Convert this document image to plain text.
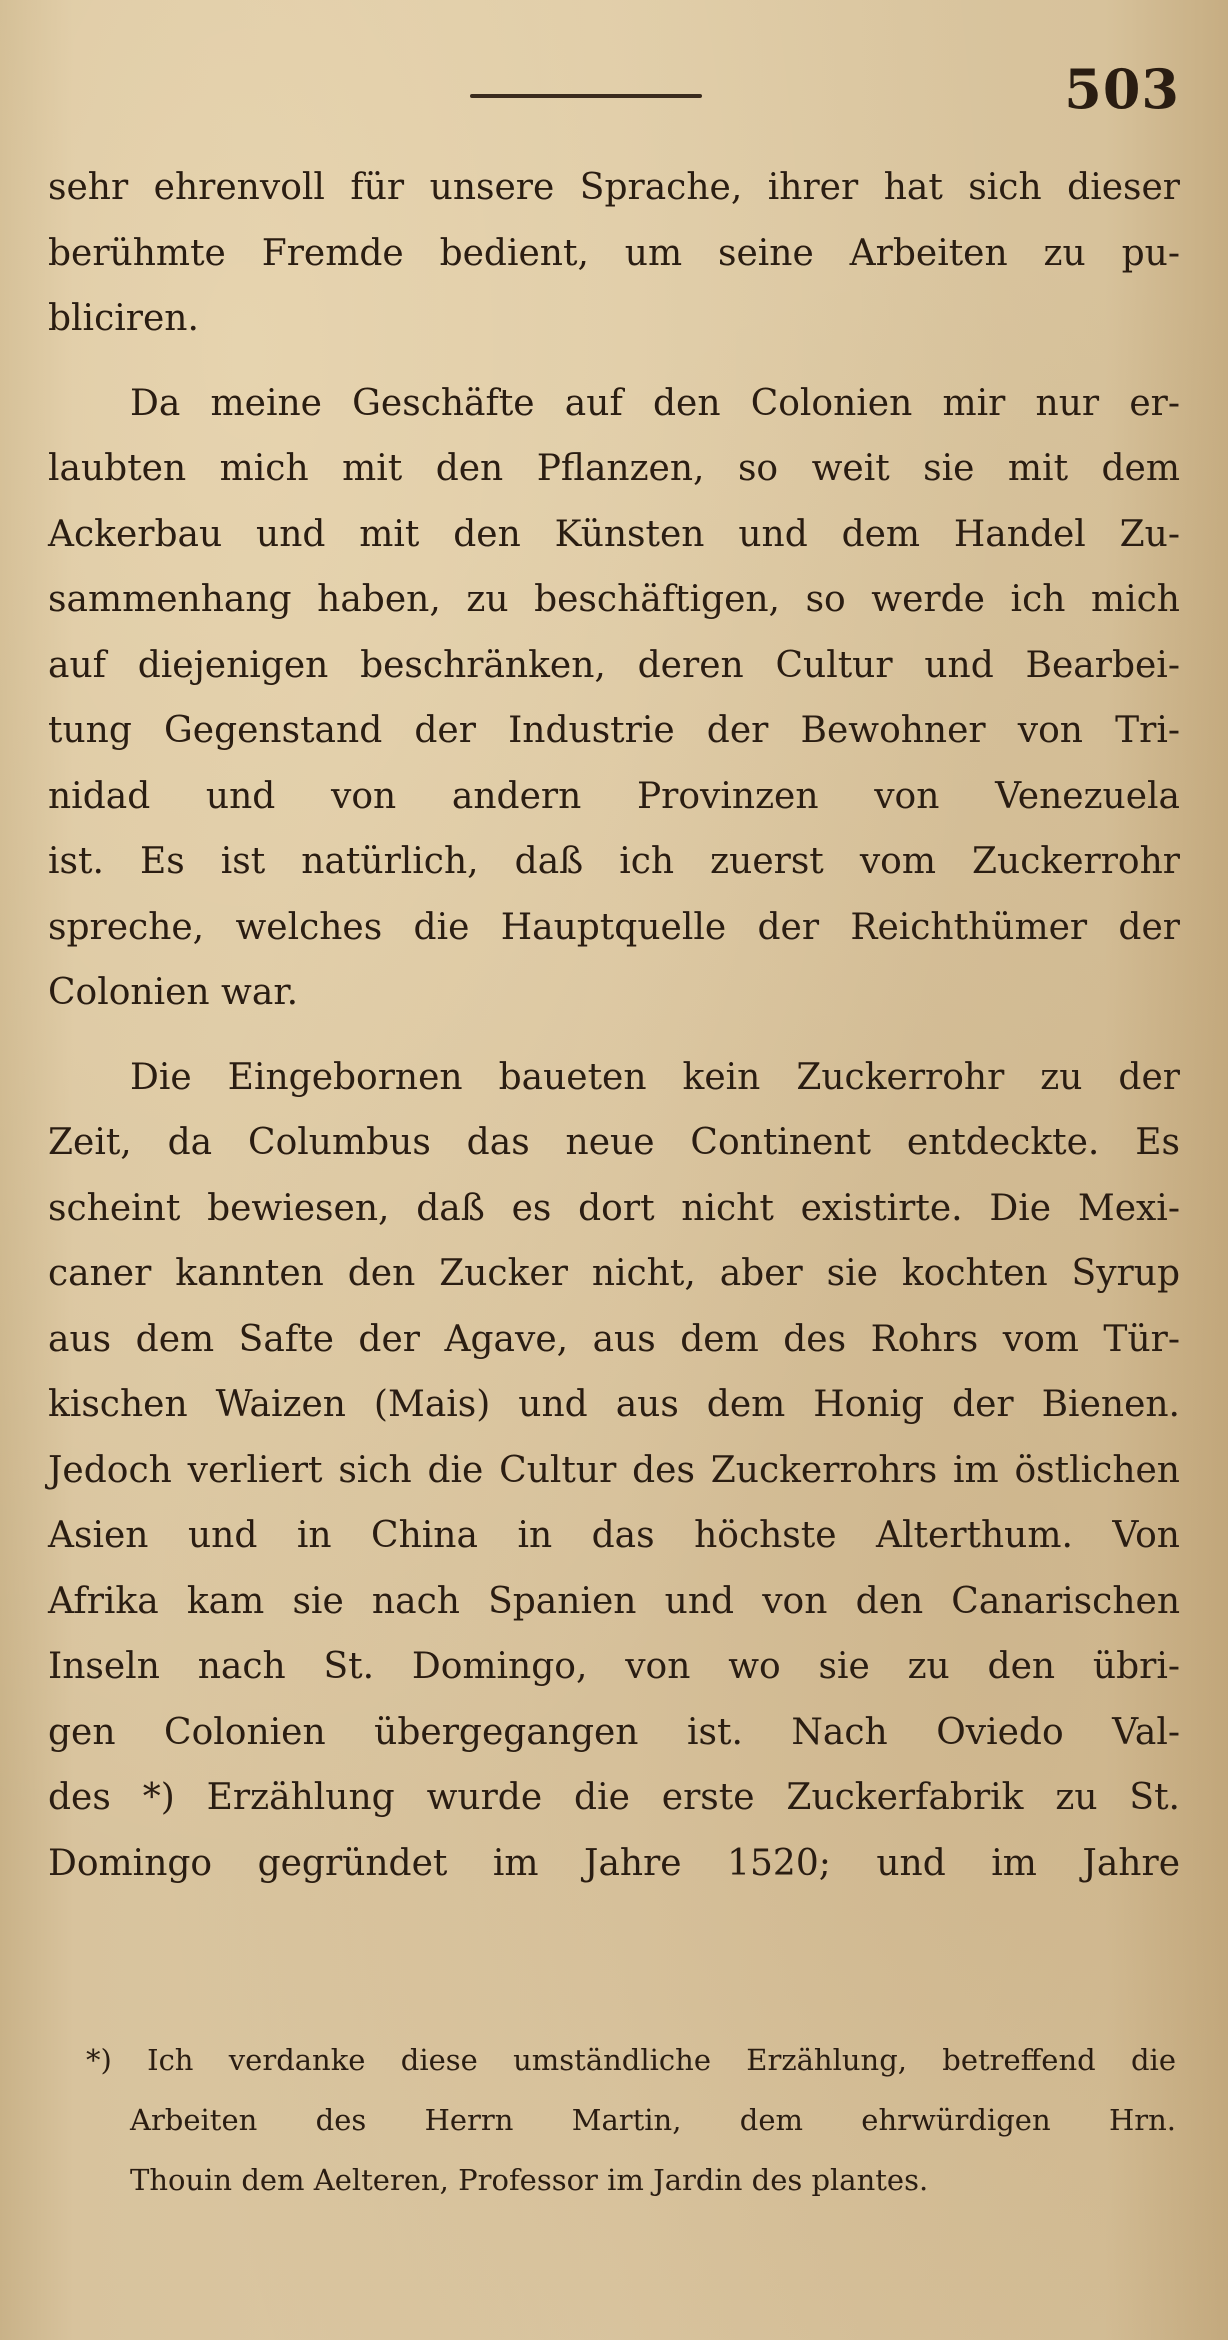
503
sehr ehrenvoll für unsere Sprache, ihrer hat sich dieser
berühmte Fremde bedient, um seine Arbeiten zu pu-
bliciren.
Da meine Geschäfte auf den Colonien mir nur er-
laubten mich mit den Pflanzen, so weit sie mit dem
Ackerbau und mit den Künsten und dem Handel Zu-
sammenhang haben, zu beschäftigen, so werde ich mich
auf diejenigen beschränken, deren Cultur und Bearbei-
tung Gegenstand der Industrie der Bewohner von Tri-
nidad und von andern Provinzen von Venezuela
ist. Es ist natürlich, daß ich zuerst vom Zuckerrohr
spreche, welches die Hauptquelle der Reichthümer der
Colonien war.
Die Eingebornen baueten kein Zuckerrohr zu der
Zeit, da Columbus das neue Continent entdeckte. Es
scheint bewiesen, daß es dort nicht existirte. Die Mexi-
caner kannten den Zucker nicht, aber sie kochten Syrup
aus dem Safte der Agave, aus dem des Rohrs vom Tür-
kischen Waizen (Mais) und aus dem Honig der Bienen.
Jedoch verliert sich die Cultur des Zuckerrohrs im östlichen
Asien und in China in das höchste Alterthum. Von
Afrika kam sie nach Spanien und von den Canarischen
Inseln nach St. Domingo, von wo sie zu den übri-
gen Colonien übergegangen ist. Nach Oviedo Val-
des *) Erzählung wurde die erste Zuckerfabrik zu St.
Domingo gegründet im Jahre 1520; und im Jahre
*) Ich verdanke diese umständliche Erzählung, betreffend die
Arbeiten des Herrn Martin, dem ehrwürdigen Hrn.
Thouin dem Aelteren, Professor im Jardin des plantes.
